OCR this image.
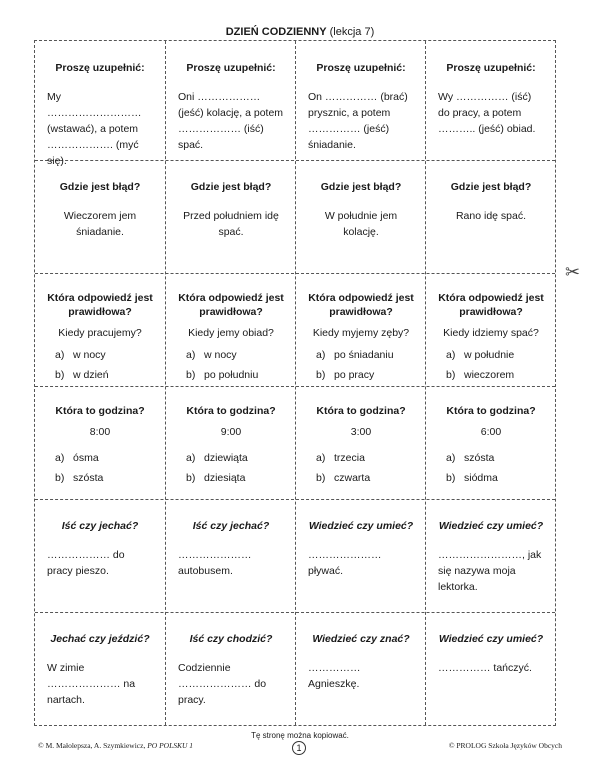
DZIEŃ CODZIENNY (lekcja 7)
Proszę uzupełnić:
My ……………………… (wstawać), a potem ………………. (myć się).
Proszę uzupełnić:
Oni ……………… (jeść) kolację, a potem ……………… (iść) spać.
Proszę uzupełnić:
On …………… (brać) prysznic, a potem …………… (jeść) śniadanie.
Proszę uzupełnić:
Wy …………… (iść) do pracy, a potem ……….. (jeść) obiad.
Gdzie jest błąd?
Wieczorem jem śniadanie.
Gdzie jest błąd?
Przed południem idę spać.
Gdzie jest błąd?
W południe jem kolację.
Gdzie jest błąd?
Rano idę spać.
Która odpowiedź jest prawidłowa?
Kiedy pracujemy?
a) w nocy
b) w dzień
Która odpowiedź jest prawidłowa?
Kiedy jemy obiad?
a) w nocy
b) po południu
Która odpowiedź jest prawidłowa?
Kiedy myjemy zęby?
a) po śniadaniu
b) po pracy
Która odpowiedź jest prawidłowa?
Kiedy idziemy spać?
a) w południe
b) wieczorem
Która to godzina?
8:00
a) ósma
b) szósta
Która to godzina?
9:00
a) dziewiąta
b) dziesiąta
Która to godzina?
3:00
a) trzecia
b) czwarta
Która to godzina?
6:00
a) szósta
b) siódma
Iść czy jechać?
……………… do pracy pieszo.
Iść czy jechać?
………………… autobusem.
Wiedzieć czy umieć?
………………… pływać.
Wiedzieć czy umieć?
……………………, jak się nazywa moja lektorka.
Jechać czy jeździć?
W zimie ………………… na nartach.
Iść czy chodzić?
Codziennie ………………… do pracy.
Wiedzieć czy znać?
…………… Agnieszkę.
Wiedzieć czy umieć?
…………… tańczyć.
✂
Tę stronę można kopiować.
© M. Małolepsza, A. Szymkiewicz, PO POLSKU 1	1	© PROLOG Szkoła Języków Obcych
